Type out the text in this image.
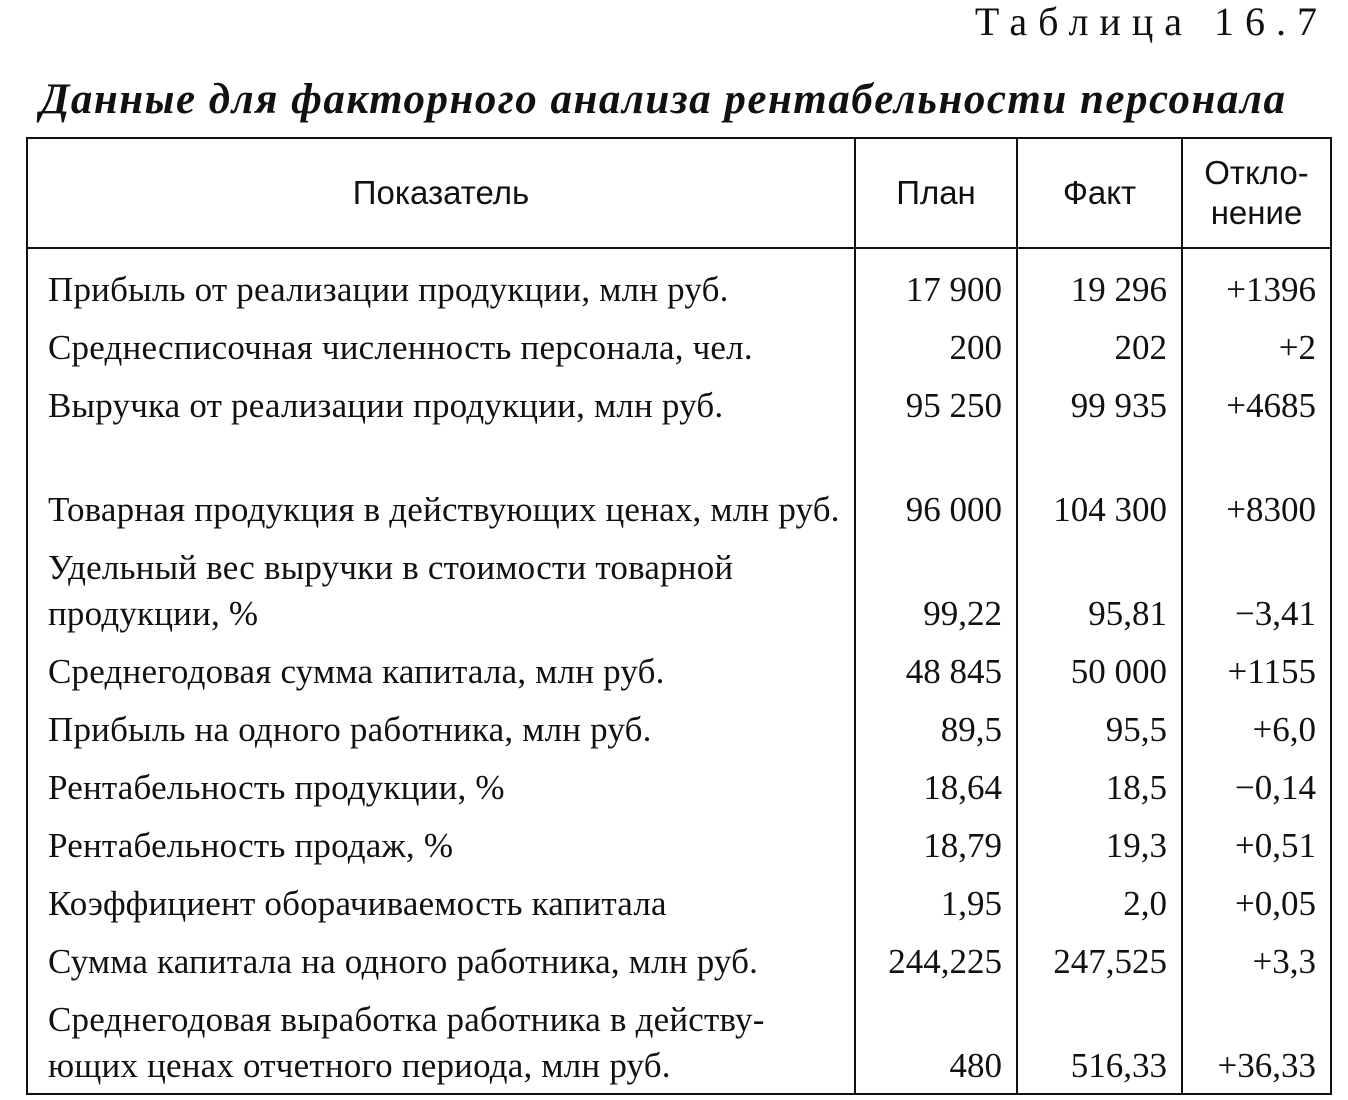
Таблица 16.7
Данные для факторного анализа рентабельности персонала
Показатель	План	Факт	Откло-
нение
Прибыль от реализации продукции, млн руб.	17 900	19 296	+1396
Среднесписочная численность персонала, чел.	200	202	+2
Выручка от реализации продукции, млн руб.	95 250	99 935	+4685
Товарная продукция в действующих ценах, млн руб.	96 000	104 300	+8300
Удельный вес выручки в стоимости товарной продукции, %	99,22	95,81	−3,41
Среднегодовая сумма капитала, млн руб.	48 845	50 000	+1155
Прибыль на одного работника, млн руб.	89,5	95,5	+6,0
Рентабельность продукции, %	18,64	18,5	−0,14
Рентабельность продаж, %	18,79	19,3	+0,51
Коэффициент оборачиваемость капитала	1,95	2,0	+0,05
Сумма капитала на одного работника, млн руб.	244,225	247,525	+3,3
Среднегодовая выработка работника в действу-ющих ценах отчетного периода, млн руб.	480	516,33	+36,33
